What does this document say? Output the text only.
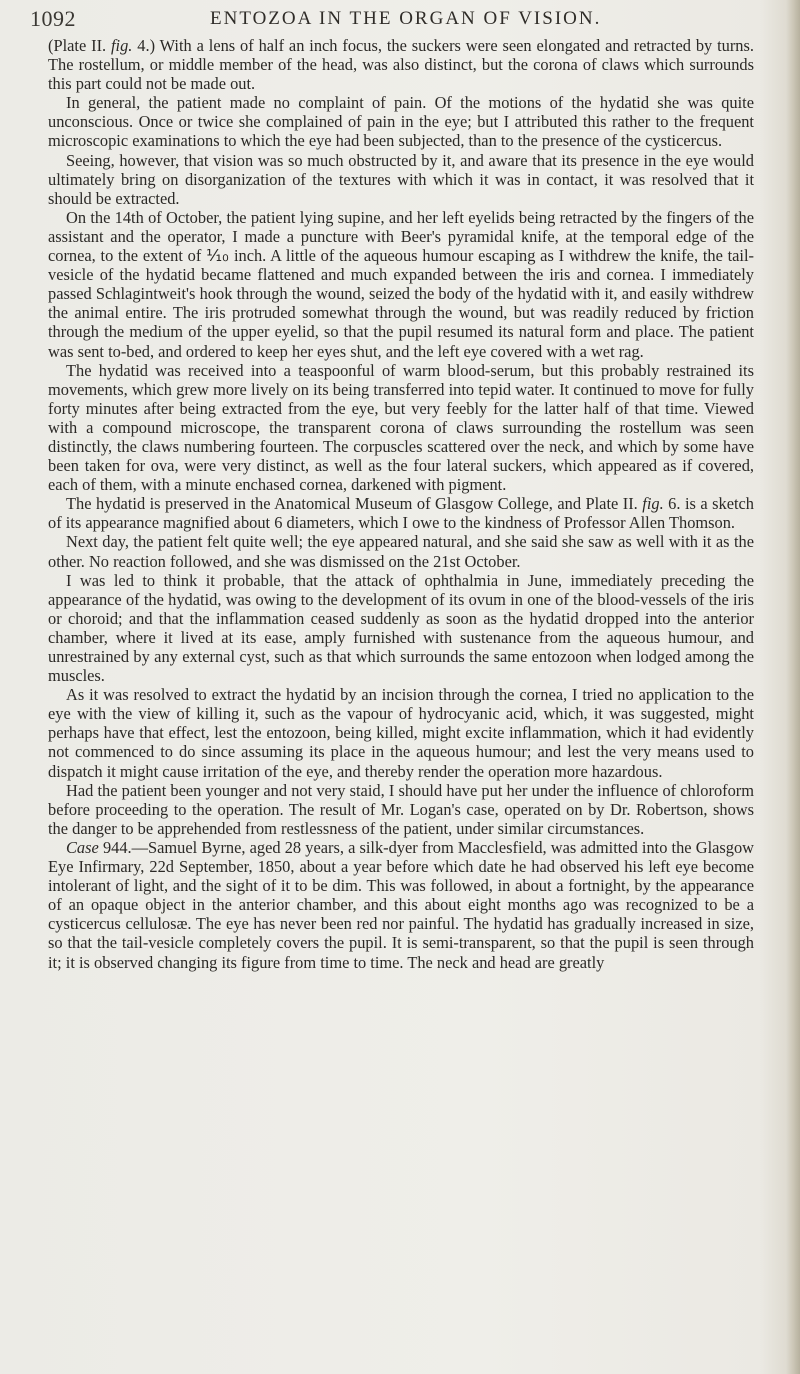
1092	ENTOZOA IN THE ORGAN OF VISION.

(Plate II. fig. 4.) With a lens of half an inch focus, the suckers were seen elongated and retracted by turns. The rostellum, or middle member of the head, was also distinct, but the corona of claws which surrounds this part could not be made out.

In general, the patient made no complaint of pain. Of the motions of the hydatid she was quite unconscious. Once or twice she complained of pain in the eye; but I attributed this rather to the frequent microscopic examinations to which the eye had been subjected, than to the presence of the cysticercus.

Seeing, however, that vision was so much obstructed by it, and aware that its presence in the eye would ultimately bring on disorganization of the textures with which it was in contact, it was resolved that it should be extracted.

On the 14th of October, the patient lying supine, and her left eyelids being retracted by the fingers of the assistant and the operator, I made a puncture with Beer's pyramidal knife, at the temporal edge of the cornea, to the extent of ⅒ inch. A little of the aqueous humour escaping as I withdrew the knife, the tail-vesicle of the hydatid became flattened and much expanded between the iris and cornea. I immediately passed Schlagintweit's hook through the wound, seized the body of the hydatid with it, and easily withdrew the animal entire. The iris protruded somewhat through the wound, but was readily reduced by friction through the medium of the upper eyelid, so that the pupil resumed its natural form and place. The patient was sent to-bed, and ordered to keep her eyes shut, and the left eye covered with a wet rag.

The hydatid was received into a teaspoonful of warm blood-serum, but this probably restrained its movements, which grew more lively on its being transferred into tepid water. It continued to move for fully forty minutes after being extracted from the eye, but very feebly for the latter half of that time. Viewed with a compound microscope, the transparent corona of claws surrounding the rostellum was seen distinctly, the claws numbering fourteen. The corpuscles scattered over the neck, and which by some have been taken for ova, were very distinct, as well as the four lateral suckers, which appeared as if covered, each of them, with a minute enchased cornea, darkened with pigment.

The hydatid is preserved in the Anatomical Museum of Glasgow College, and Plate II. fig. 6. is a sketch of its appearance magnified about 6 diameters, which I owe to the kindness of Professor Allen Thomson.

Next day, the patient felt quite well; the eye appeared natural, and she said she saw as well with it as the other. No reaction followed, and she was dismissed on the 21st October.

I was led to think it probable, that the attack of ophthalmia in June, immediately preceding the appearance of the hydatid, was owing to the development of its ovum in one of the blood-vessels of the iris or choroid; and that the inflammation ceased suddenly as soon as the hydatid dropped into the anterior chamber, where it lived at its ease, amply furnished with sustenance from the aqueous humour, and unrestrained by any external cyst, such as that which surrounds the same entozoon when lodged among the muscles.

As it was resolved to extract the hydatid by an incision through the cornea, I tried no application to the eye with the view of killing it, such as the vapour of hydrocyanic acid, which, it was suggested, might perhaps have that effect, lest the entozoon, being killed, might excite inflammation, which it had evidently not commenced to do since assuming its place in the aqueous humour; and lest the very means used to dispatch it might cause irritation of the eye, and thereby render the operation more hazardous.

Had the patient been younger and not very staid, I should have put her under the influence of chloroform before proceeding to the operation. The result of Mr. Logan's case, operated on by Dr. Robertson, shows the danger to be apprehended from restlessness of the patient, under similar circumstances.

Case 944.—Samuel Byrne, aged 28 years, a silk-dyer from Macclesfield, was admitted into the Glasgow Eye Infirmary, 22d September, 1850, about a year before which date he had observed his left eye become intolerant of light, and the sight of it to be dim. This was followed, in about a fortnight, by the appearance of an opaque object in the anterior chamber, and this about eight months ago was recognized to be a cysticercus cellulosæ. The eye has never been red nor painful. The hydatid has gradually increased in size, so that the tail-vesicle completely covers the pupil. It is semi-transparent, so that the pupil is seen through it; it is observed changing its figure from time to time. The neck and head are greatly
